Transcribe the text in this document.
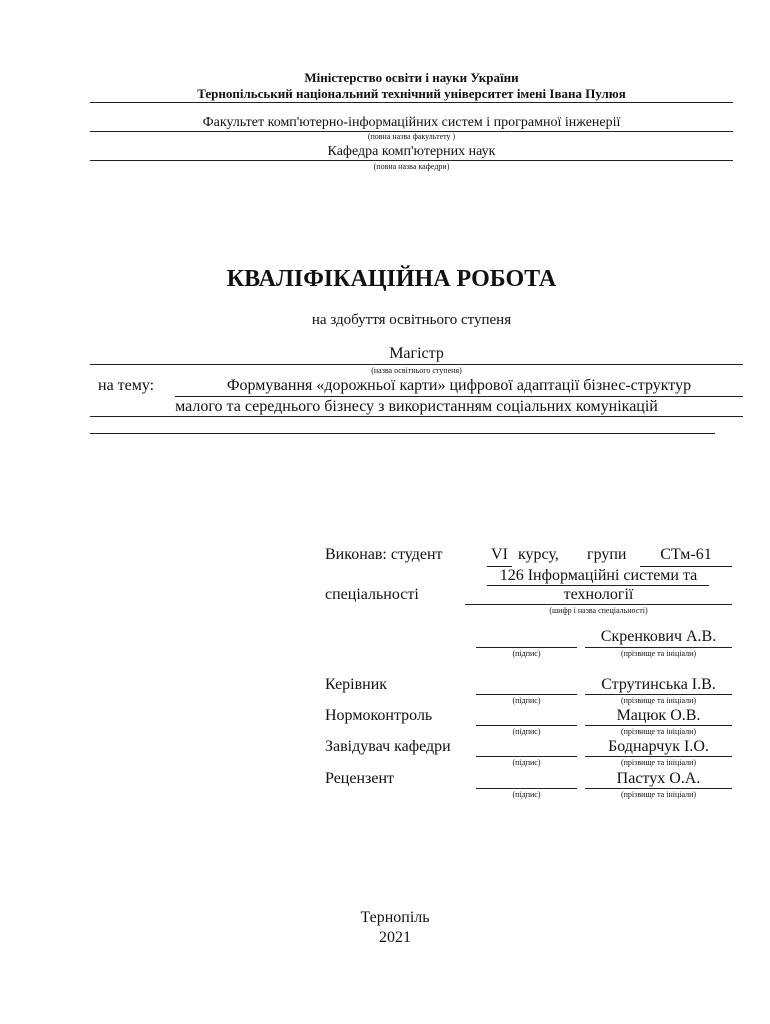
Міністерство освіти і науки України
Тернопільський національний технічний університет імені Івана Пулюя
Факультет комп'ютерно-інформаційних систем і програмної інженерії
(повна назва факультету )
Кафедра комп'ютерних наук
(повна назва кафедри)
КВАЛІФІКАЦІЙНА РОБОТА
на здобуття освітнього ступеня
Магістр
(назва освітнього ступеня)
на тему:	Формування «дорожньої карти» цифрової адаптації бізнес-структур
малого та середнього бізнесу з використанням соціальних комунікацій
Виконав: студент	VI курсу, групи	СТм-61
126 Інформаційні системи та
спеціальності	технології
(шифр і назва спеціальності)
(підпис)
Скренкович А.В.
(прізвище та ініціали)
Керівник
(підпис)
Струтинська І.В.
(прізвище та ініціали)
Нормоконтроль
(підпис)
Мацюк О.В.
(прізвище та ініціали)
Завідувач кафедри
(підпис)
Боднарчук І.О.
(прізвище та ініціали)
Рецензент
(підпис)
Пастух О.А.
(прізвище та ініціали)
Тернопіль
2021
